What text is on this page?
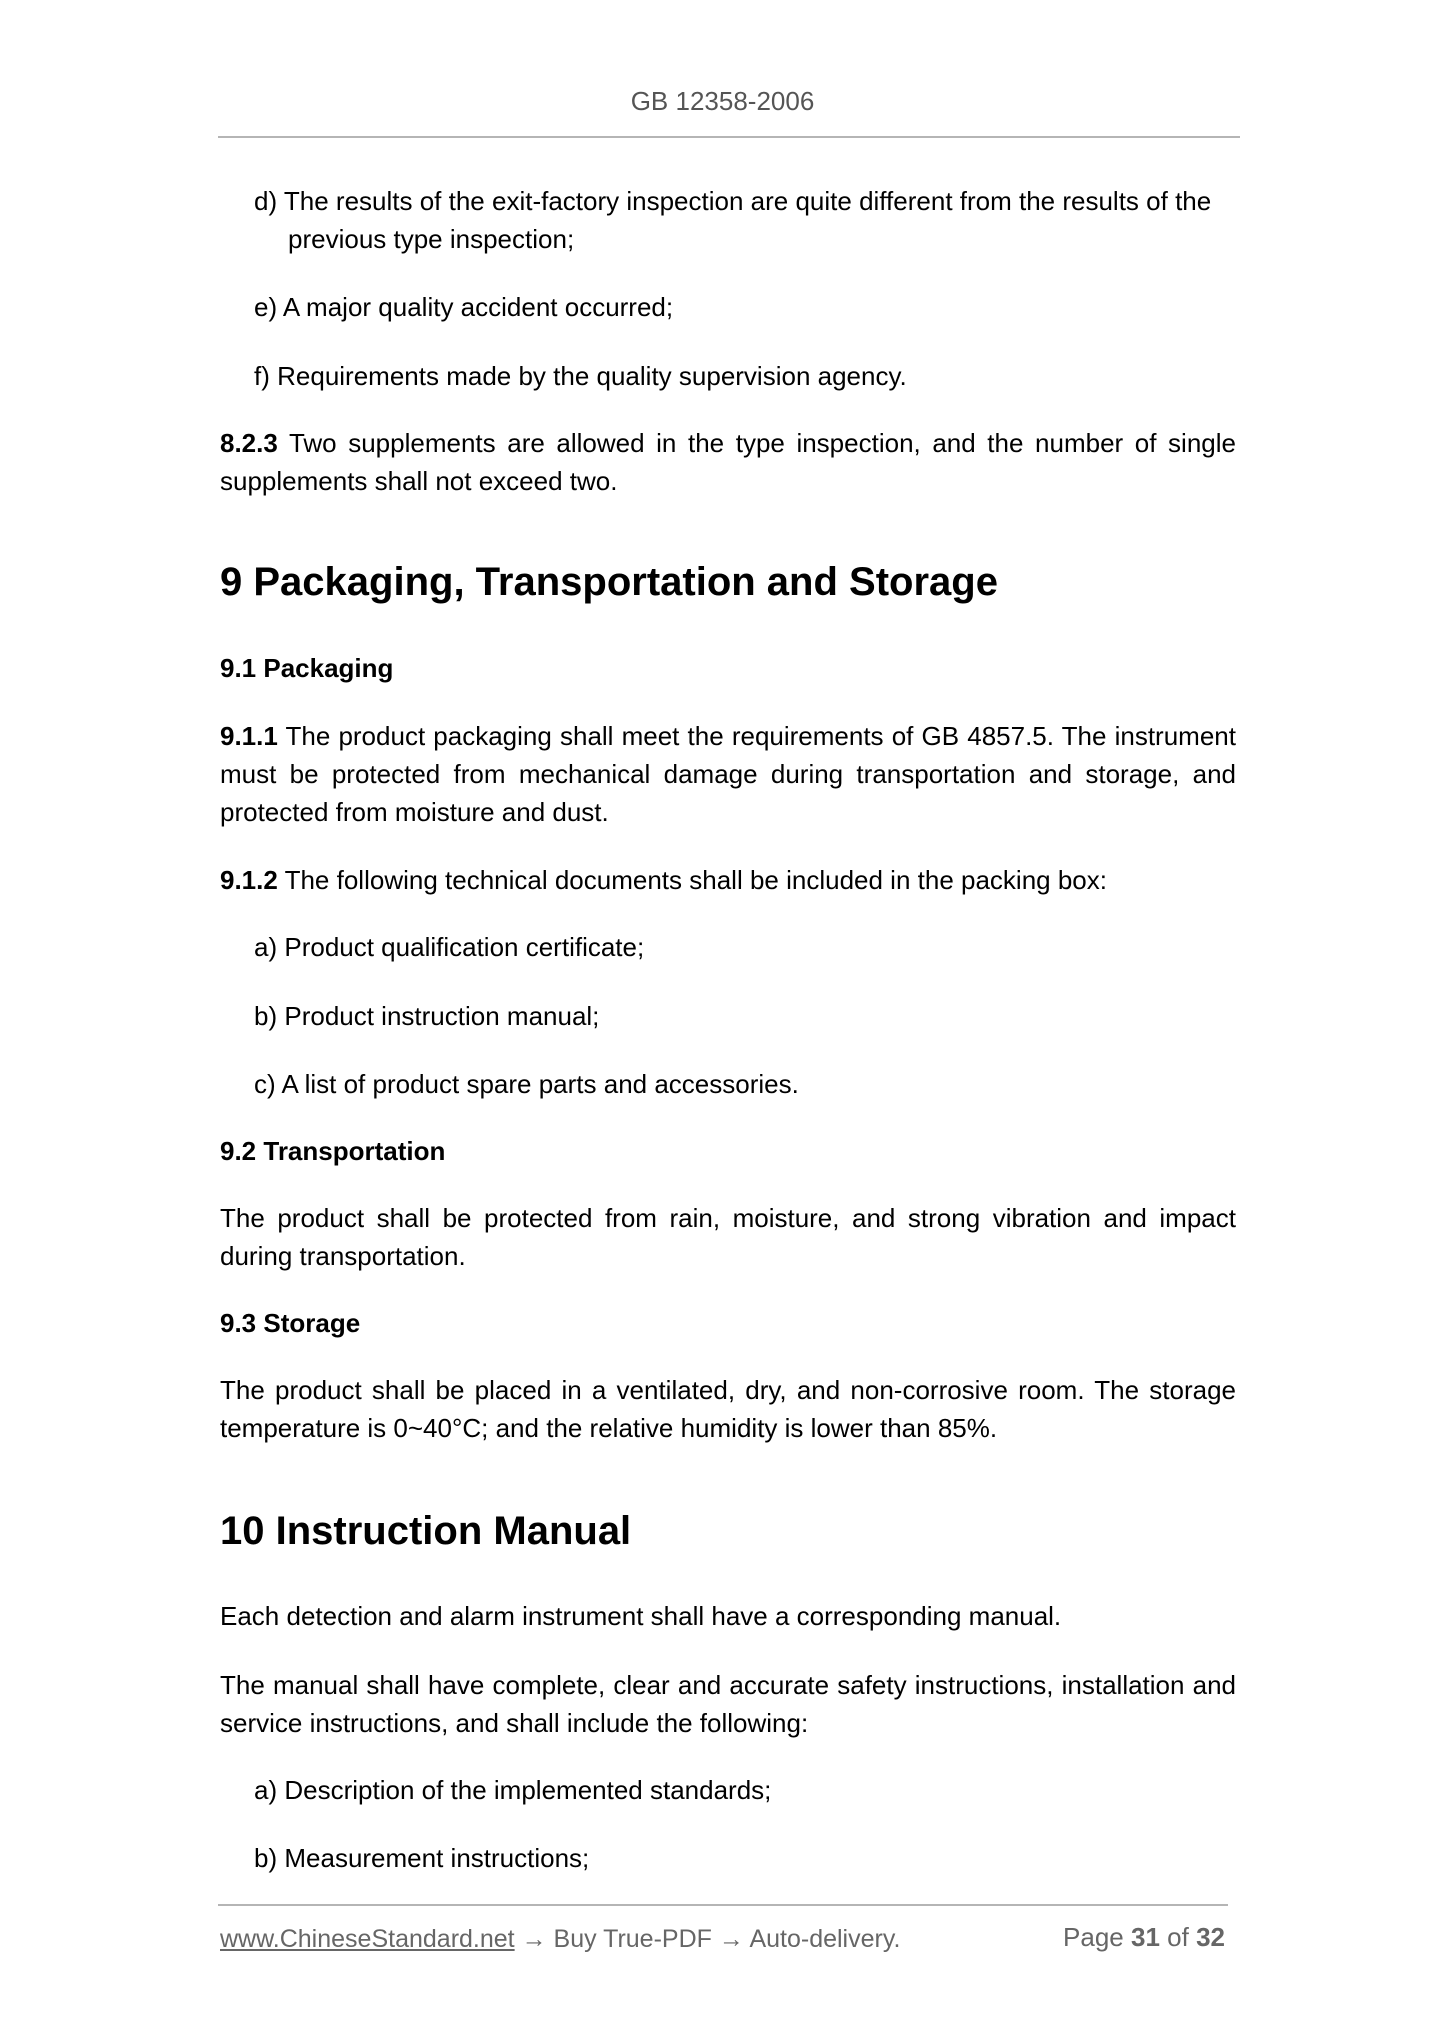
GB 12358-2006
d) The results of the exit-factory inspection are quite different from the results of the
previous type inspection;
e) A major quality accident occurred;
f) Requirements made by the quality supervision agency.
8.2.3 Two supplements are allowed in the type inspection, and the number of single supplements shall not exceed two.
9 Packaging, Transportation and Storage
9.1 Packaging
9.1.1 The product packaging shall meet the requirements of GB 4857.5. The instrument must be protected from mechanical damage during transportation and storage, and protected from moisture and dust.
9.1.2 The following technical documents shall be included in the packing box:
a) Product qualification certificate;
b) Product instruction manual;
c) A list of product spare parts and accessories.
9.2 Transportation
The product shall be protected from rain, moisture, and strong vibration and impact during transportation.
9.3 Storage
The product shall be placed in a ventilated, dry, and non-corrosive room. The storage temperature is 0~40°C; and the relative humidity is lower than 85%.
10 Instruction Manual
Each detection and alarm instrument shall have a corresponding manual.
The manual shall have complete, clear and accurate safety instructions, installation and service instructions, and shall include the following:
a) Description of the implemented standards;
b) Measurement instructions;
www.ChineseStandard.net → Buy True-PDF → Auto-delivery.	Page 31 of 32
